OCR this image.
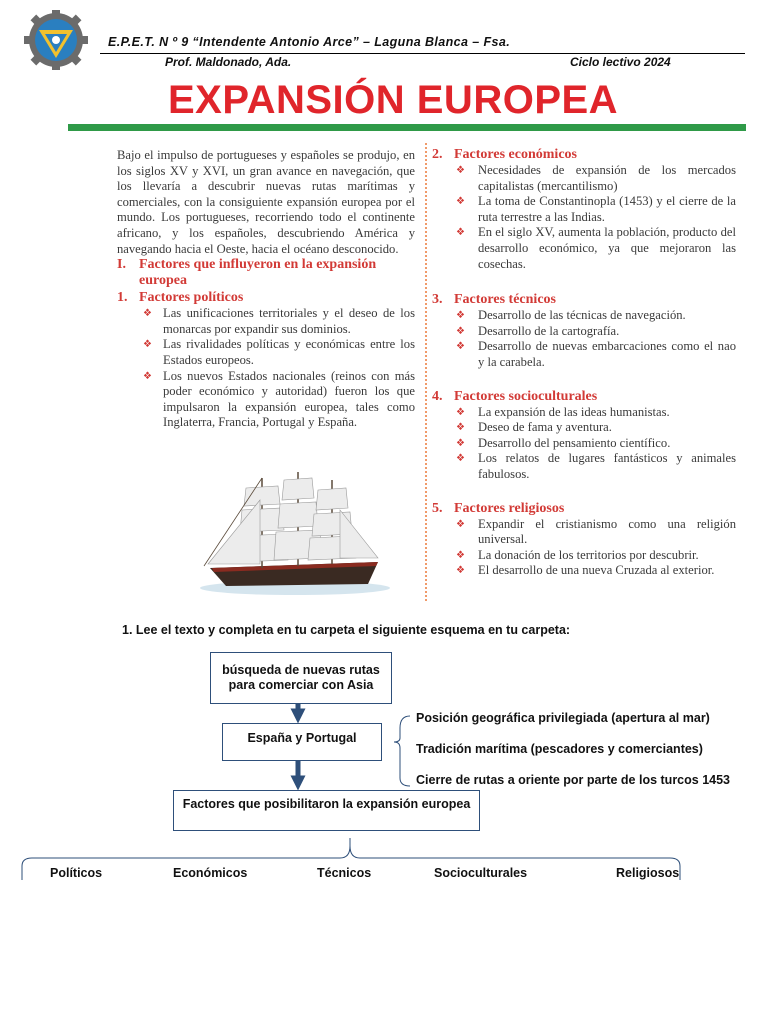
E.P.E.T. N º 9 “Intendente Antonio Arce” – Laguna Blanca – Fsa.
Prof. Maldonado, Ada.	Ciclo lectivo 2024
EXPANSIÓN EUROPEA

Bajo el impulso de portugueses y españoles se produjo, en los siglos XV y XVI, un gran avance en navegación, que los llevaría a descubrir nuevas rutas marítimas y comerciales, con la consiguiente expansión europea por el mundo. Los portugueses, recorriendo todo el continente africano, y los españoles, descubriendo América y navegando hacia el Oeste, hacia el océano desconocido.

I. Factores que influyeron en la expansión europea
1. Factores políticos
❖ Las unificaciones territoriales y el deseo de los monarcas por expandir sus dominios.
❖ Las rivalidades políticas y económicas entre los Estados europeos.
❖ Los nuevos Estados nacionales (reinos con más poder económico y autoridad) fueron los que impulsaron la expansión europea, tales como Inglaterra, Francia, Portugal y España.
2. Factores económicos
❖ Necesidades de expansión de los mercados capitalistas (mercantilismo)
❖ La toma de Constantinopla (1453) y el cierre de la ruta terrestre a las Indias.
❖ En el siglo XV, aumenta la población, producto del desarrollo económico, ya que mejoraron las cosechas.
3. Factores técnicos
❖ Desarrollo de las técnicas de navegación.
❖ Desarrollo de la cartografía.
❖ Desarrollo de nuevas embarcaciones como el nao y la carabela.
4. Factores socioculturales
❖ La expansión de las ideas humanistas.
❖ Deseo de fama y aventura.
❖ Desarrollo del pensamiento científico.
❖ Los relatos de lugares fantásticos y animales fabulosos.
5. Factores religiosos
❖ Expandir el cristianismo como una religión universal.
❖ La donación de los territorios por descubrir.
❖ El desarrollo de una nueva Cruzada al exterior.
1. Lee el texto y completa en tu carpeta el siguiente esquema en tu carpeta:
búsqueda de nuevas rutas para comerciar con Asia
España y Portugal
Factores que posibilitaron la expansión europea
Posición geográfica privilegiada (apertura al mar)
Tradición marítima (pescadores y comerciantes)
Cierre de rutas a oriente por parte de los turcos 1453
Políticos	Económicos	Técnicos	Socioculturales	Religiosos
